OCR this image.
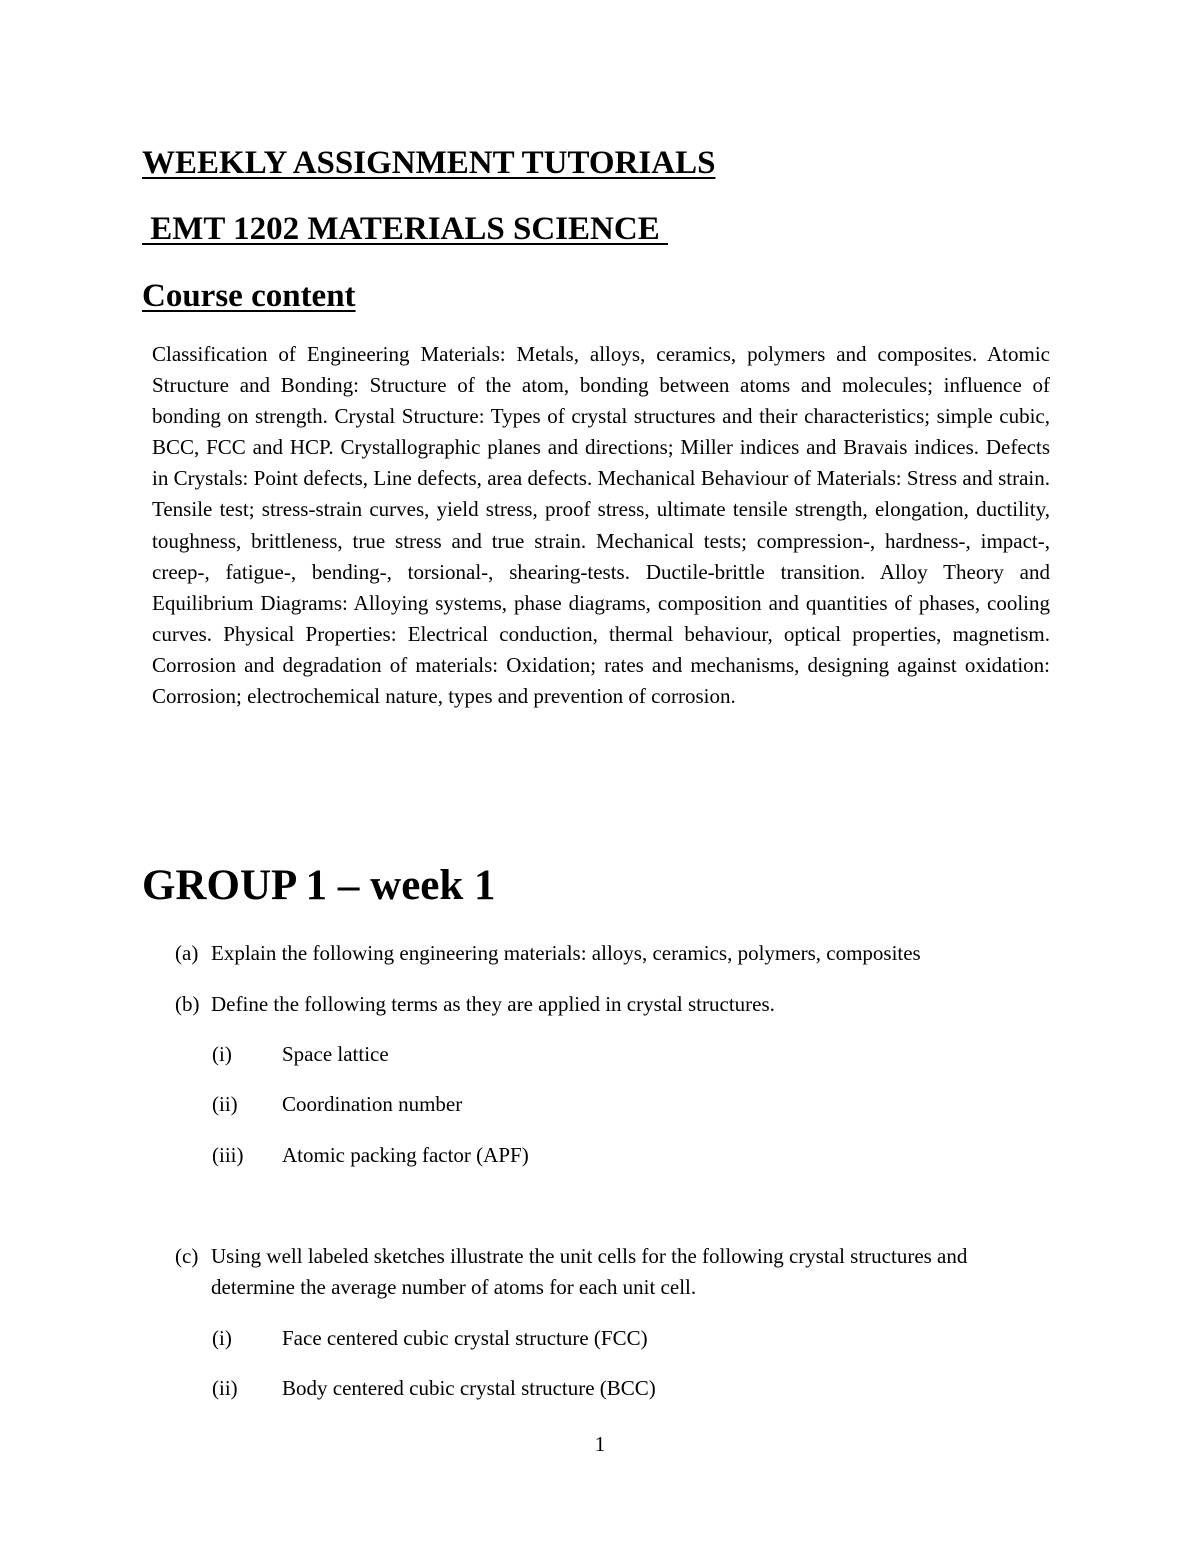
WEEKLY ASSIGNMENT TUTORIALS
EMT 1202 MATERIALS SCIENCE
Course content

Classification of Engineering Materials: Metals, alloys, ceramics, polymers and composites. Atomic Structure and Bonding: Structure of the atom, bonding between atoms and molecules; influence of bonding on strength. Crystal Structure: Types of crystal structures and their characteristics; simple cubic, BCC, FCC and HCP. Crystallographic planes and directions; Miller indices and Bravais indices. Defects in Crystals: Point defects, Line defects, area defects. Mechanical Behaviour of Materials: Stress and strain. Tensile test; stress-strain curves, yield stress, proof stress, ultimate tensile strength, elongation, ductility, toughness, brittleness, true stress and true strain. Mechanical tests; compression-, hardness-, impact-, creep-, fatigue-, bending-, torsional-, shearing-tests. Ductile-brittle transition. Alloy Theory and Equilibrium Diagrams: Alloying systems, phase diagrams, composition and quantities of phases, cooling curves. Physical Properties: Electrical conduction, thermal behaviour, optical properties, magnetism. Corrosion and degradation of materials: Oxidation; rates and mechanisms, designing against oxidation: Corrosion; electrochemical nature, types and prevention of corrosion.

GROUP 1 – week 1
(a) Explain the following engineering materials: alloys, ceramics, polymers, composites
(b) Define the following terms as they are applied in crystal structures.
(i) Space lattice
(ii) Coordination number
(iii) Atomic packing factor (APF)
(c) Using well labeled sketches illustrate the unit cells for the following crystal structures and determine the average number of atoms for each unit cell.
(i) Face centered cubic crystal structure (FCC)
(ii) Body centered cubic crystal structure (BCC)
1
